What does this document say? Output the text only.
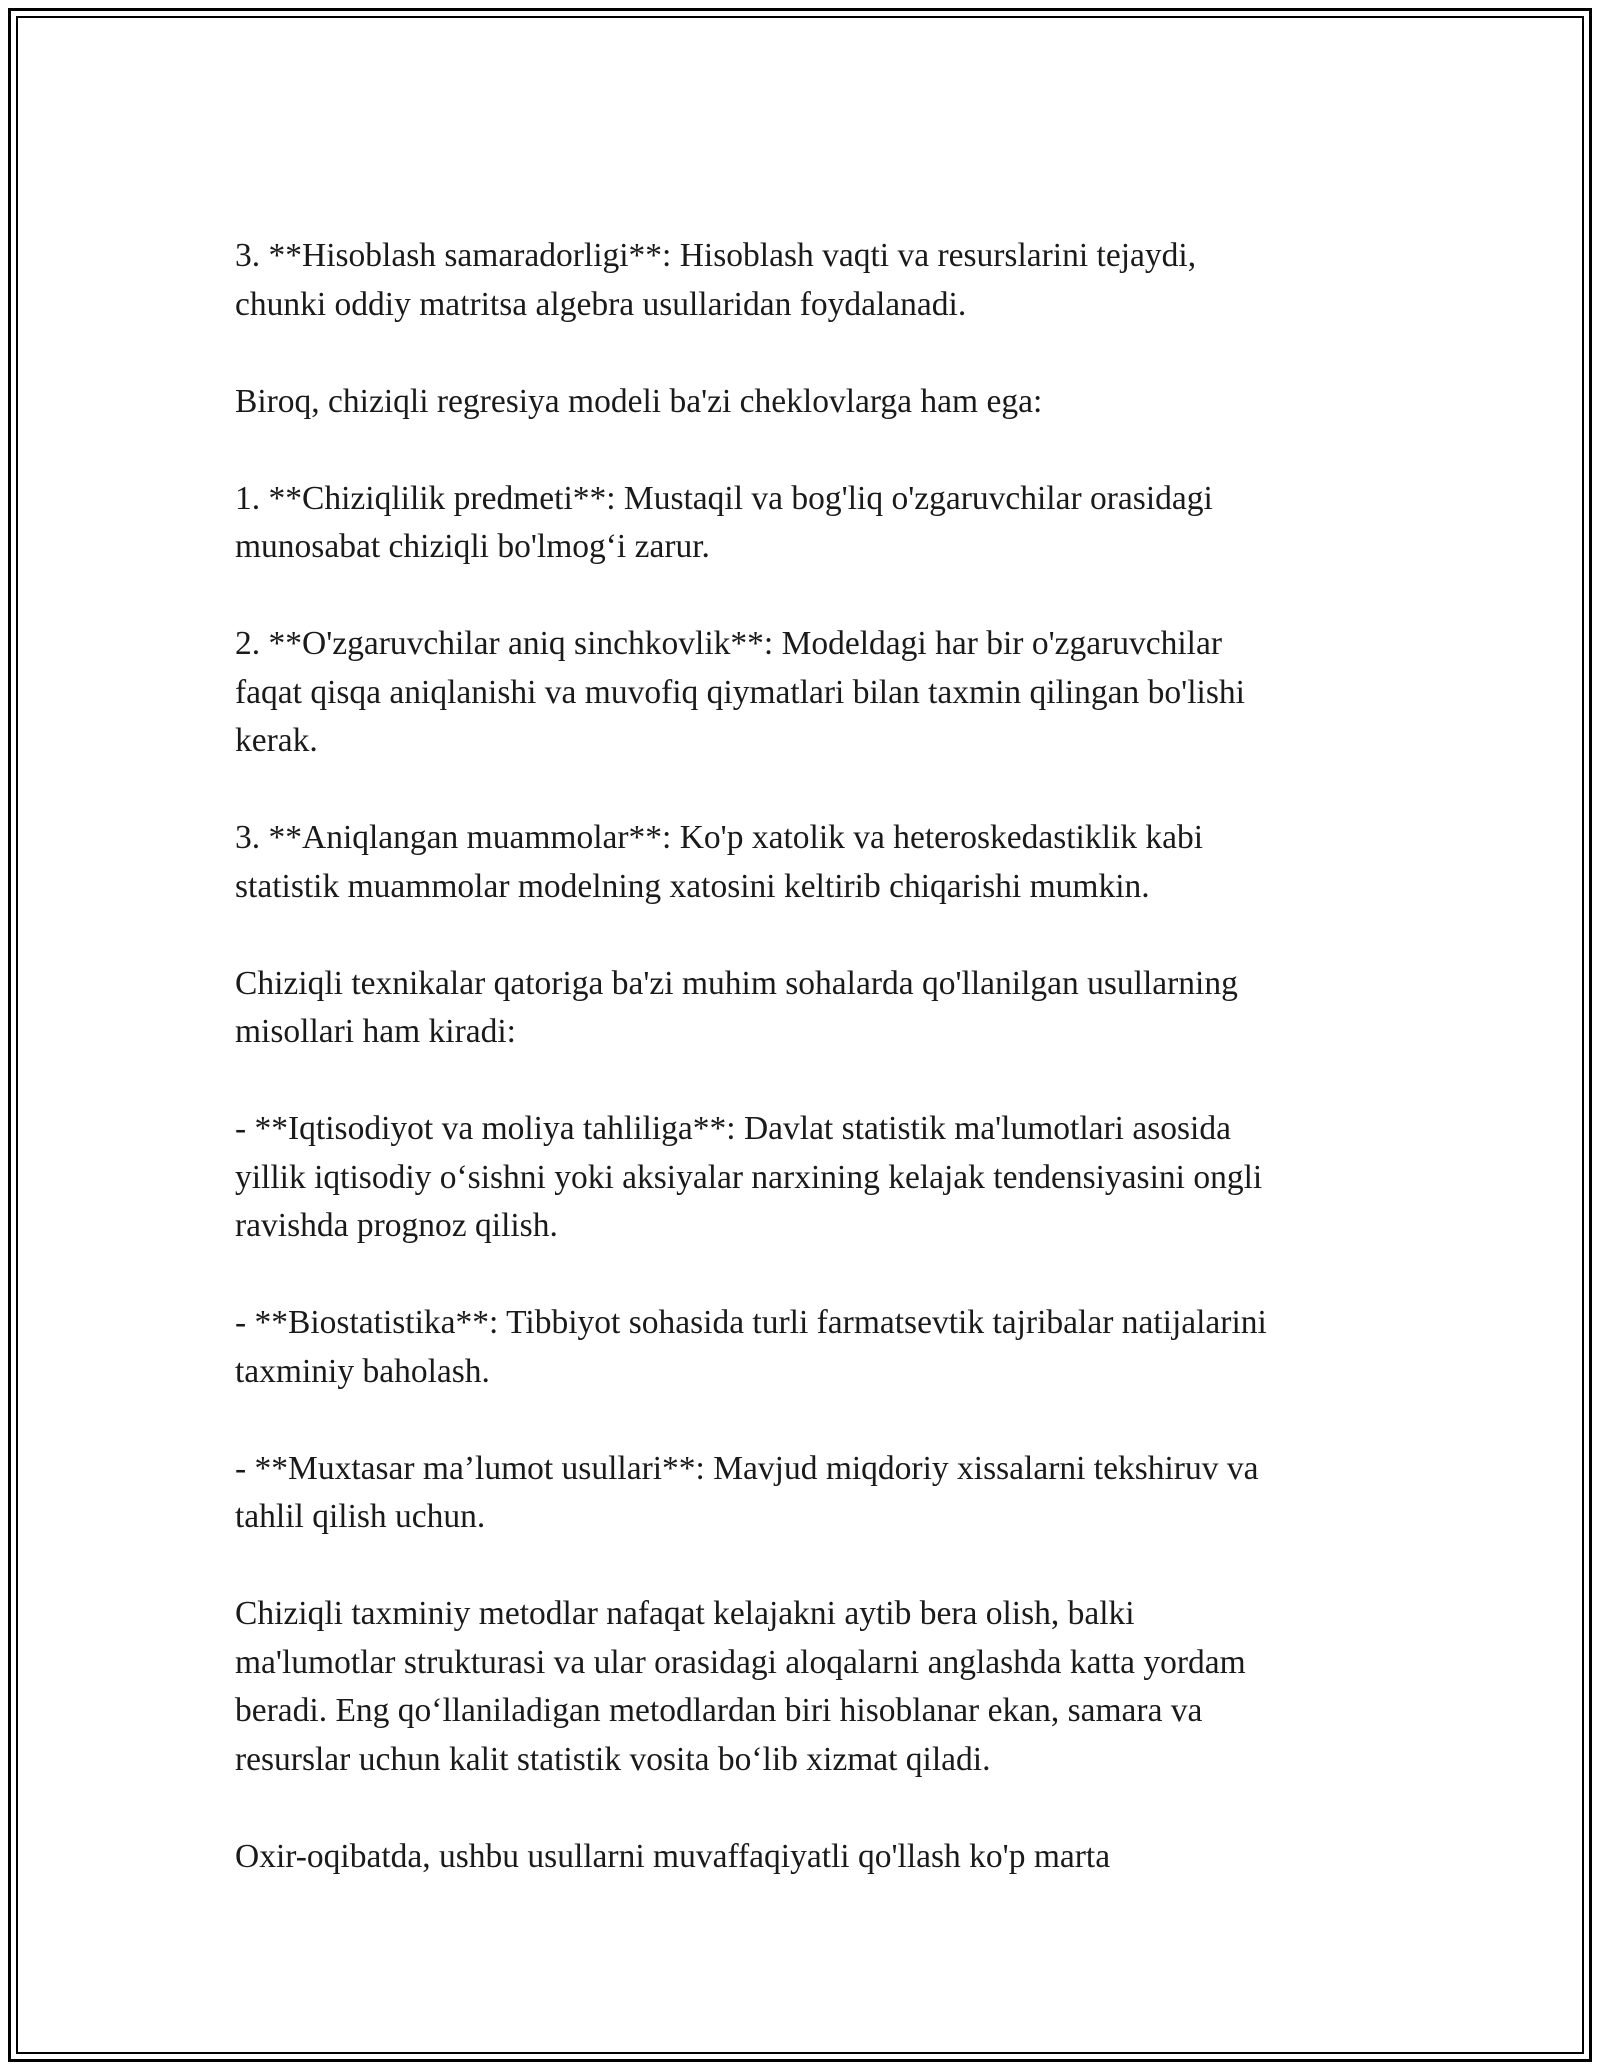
3. **Hisoblash samaradorligi**: Hisoblash vaqti va resurslarini tejaydi,
chunki oddiy matritsa algebra usullaridan foydalanadi.

Biroq, chiziqli regresiya modeli ba'zi cheklovlarga ham ega:

1. **Chiziqlilik predmeti**: Mustaqil va bog'liq o'zgaruvchilar orasidagi
munosabat chiziqli bo'lmog‘i zarur.

2. **O'zgaruvchilar aniq sinchkovlik**: Modeldagi har bir o'zgaruvchilar
faqat qisqa aniqlanishi va muvofiq qiymatlari bilan taxmin qilingan bo'lishi
kerak.

3. **Aniqlangan muammolar**: Ko'p xatolik va heteroskedastiklik kabi
statistik muammolar modelning xatosini keltirib chiqarishi mumkin.

Chiziqli texnikalar qatoriga ba'zi muhim sohalarda qo'llanilgan usullarning
misollari ham kiradi:

- **Iqtisodiyot va moliya tahliliga**: Davlat statistik ma'lumotlari asosida
yillik iqtisodiy o‘sishni yoki aksiyalar narxining kelajak tendensiyasini ongli
ravishda prognoz qilish.

- **Biostatistika**: Tibbiyot sohasida turli farmatsevtik tajribalar natijalarini
taxminiy baholash.

- **Muxtasar ma’lumot usullari**: Mavjud miqdoriy xissalarni tekshiruv va
tahlil qilish uchun.

Chiziqli taxminiy metodlar nafaqat kelajakni aytib bera olish, balki
ma'lumotlar strukturasi va ular orasidagi aloqalarni anglashda katta yordam
beradi. Eng qo‘llaniladigan metodlardan biri hisoblanar ekan, samara va
resurslar uchun kalit statistik vosita bo‘lib xizmat qiladi.

Oxir-oqibatda, ushbu usullarni muvaffaqiyatli qo'llash ko'p marta
